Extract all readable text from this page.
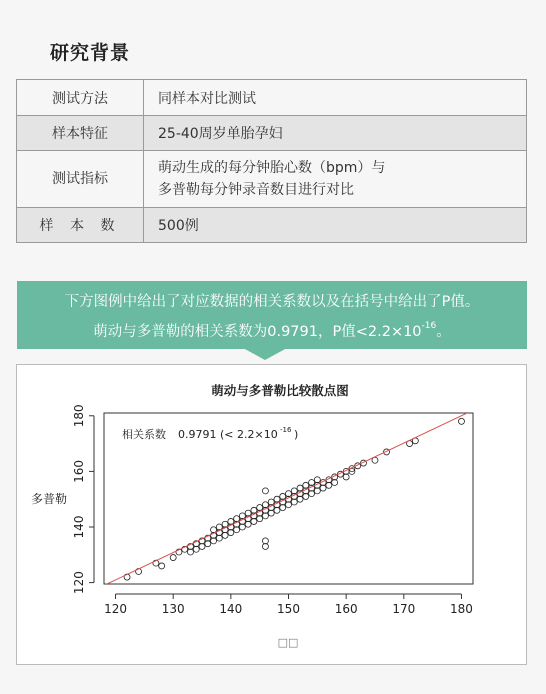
研究背景
测试方法	同样本对比测试
样本特征	25-40周岁单胎孕妇
测试指标	萌动生成的每分钟胎心数（bpm）与
多普勒每分钟录音数目进行对比

样 本 数	500例
下方图例中给出了对应数据的相关系数以及在括号中给出了P值。
萌动与多普勒的相关系数为0.9791，P值$<2.2\times 10^{-16}$。
萌动与多普勒比较散点图
120
140
160
180
120	130	140	150	160	170	180
多普勒
□□
相关系数 0.9791 (< 2.2×10 -16 )
